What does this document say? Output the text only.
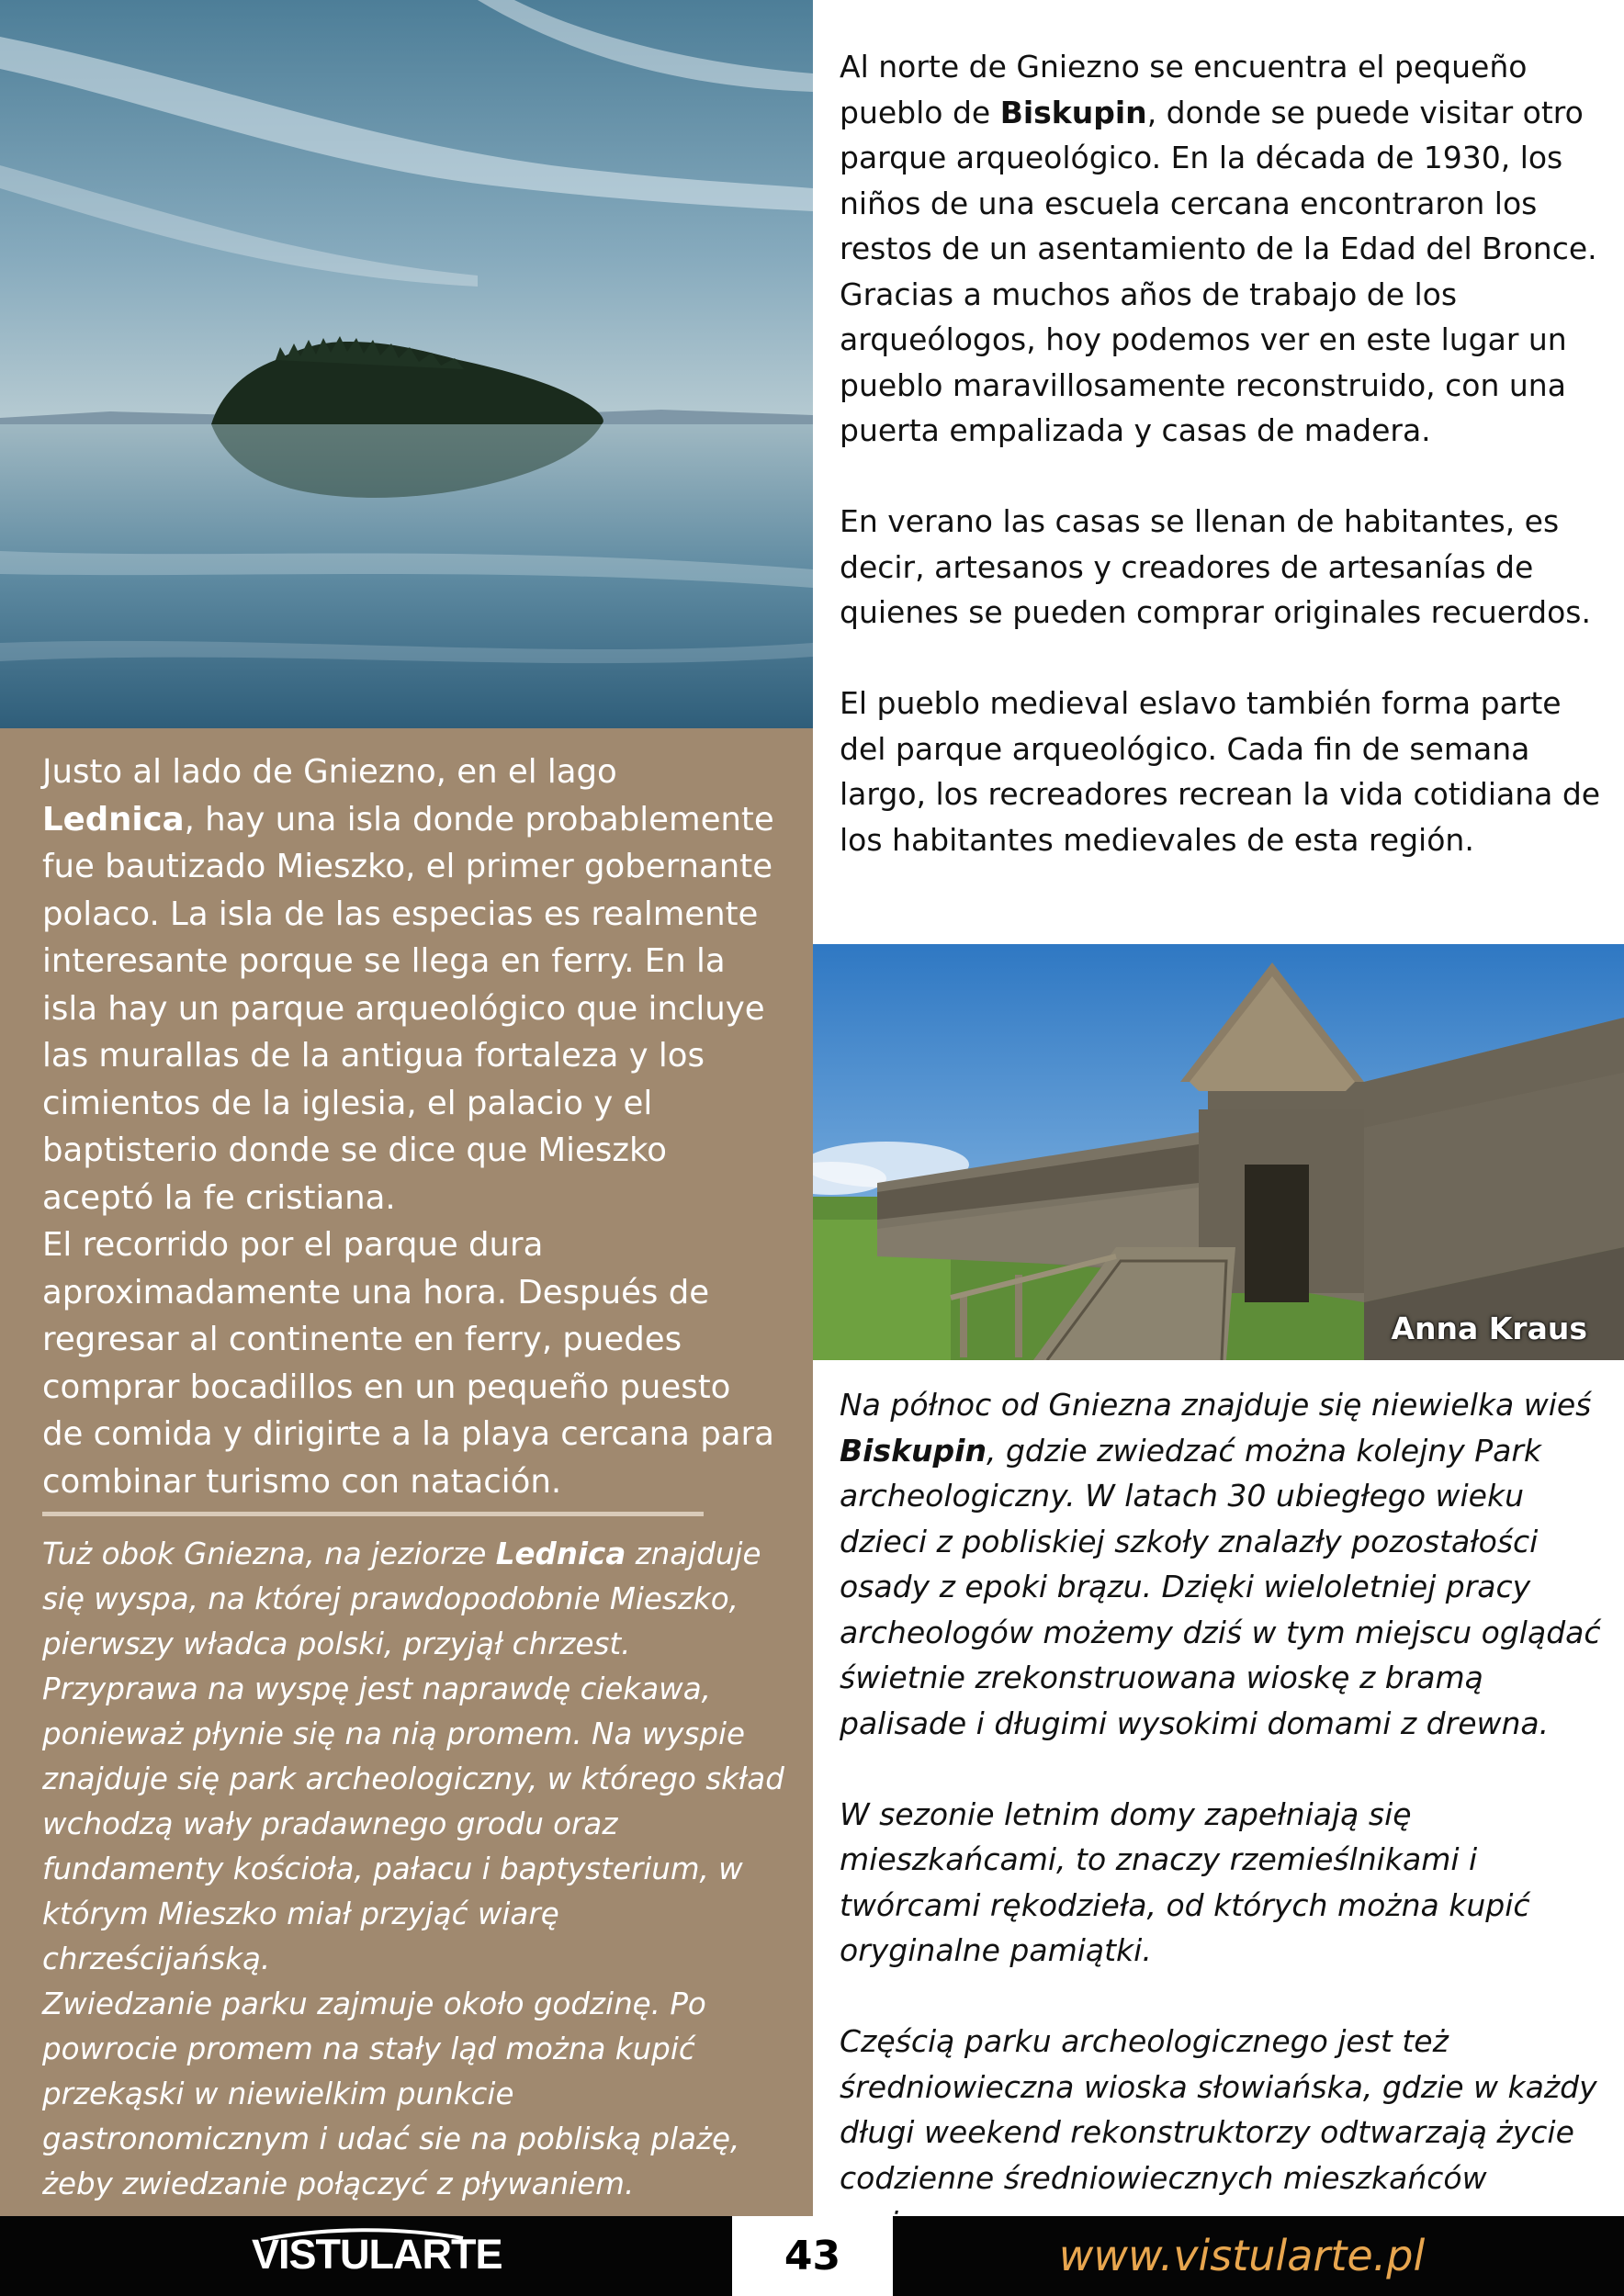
Justo al lado de Gniezno, en el lago Lednica, hay una isla donde probablemente fue bautizado Mieszko, el primer gobernante polaco. La isla de las especias es realmente interesante porque se llega en ferry. En la isla hay un parque arqueológico que incluye las murallas de la antigua fortaleza y los cimientos de la iglesia, el palacio y el baptisterio donde se dice que Mieszko aceptó la fe cristiana.

El recorrido por el parque dura aproximadamente una hora. Después de regresar al continente en ferry, puedes comprar bocadillos en un pequeño puesto de comida y dirigirte a la playa cercana para combinar turismo con natación.

Tuż obok Gniezna, na jeziorze Lednica znajduje się wyspa, na której prawdopodobnie Mieszko, pierwszy władca polski, przyjął chrzest. Przyprawa na wyspę jest naprawdę ciekawa, ponieważ płynie się na nią promem. Na wyspie znajduje się park archeologiczny, w którego skład wchodzą wały pradawnego grodu oraz fundamenty kościoła, pałacu i baptysterium, w którym Mieszko miał przyjąć wiarę chrześcijańską.

Zwiedzanie parku zajmuje około godzinę. Po powrocie promem na stały ląd można kupić przekąski w niewielkim punkcie gastronomicznym i udać sie na pobliską plażę, żeby zwiedzanie połączyć z pływaniem.

Al norte de Gniezno se encuentra el pequeño pueblo de Biskupin, donde se puede visitar otro parque arqueológico. En la década de 1930, los niños de una escuela cercana encontraron los restos de un asentamiento de la Edad del Bronce. Gracias a muchos años de trabajo de los arqueólogos, hoy podemos ver en este lugar un pueblo maravillosamente reconstruido, con una puerta empalizada y casas de madera.

En verano las casas se llenan de habitantes, es decir, artesanos y creadores de artesanías de quienes se pueden comprar originales recuerdos.

El pueblo medieval eslavo también forma parte del parque arqueológico. Cada fin de semana largo, los recreadores recrean la vida cotidiana de los habitantes medievales de esta región.

Anna Kraus

Na północ od Gniezna znajduje się niewielka wieś Biskupin, gdzie zwiedzać można kolejny Park archeologiczny. W latach 30 ubiegłego wieku dzieci z pobliskiej szkoły znalazły pozostałości osady z epoki brązu. Dzięki wieloletniej pracy archeologów możemy dziś w tym miejscu oglądać świetnie zrekonstruowana wioskę z bramą palisade i długimi wysokimi domami z drewna.

W sezonie letnim domy zapełniają się mieszkańcami, to znaczy rzemieślnikami i twórcami rękodzieła, od których można kupić oryginalne pamiątki.

Częścią parku archeologicznego jest też średniowieczna wioska słowiańska, gdzie w każdy długi weekend rekonstruktorzy odtwarzają życie codzienne średniowiecznych mieszkańców

VISTULARTE	43	www.vistularte.pl
